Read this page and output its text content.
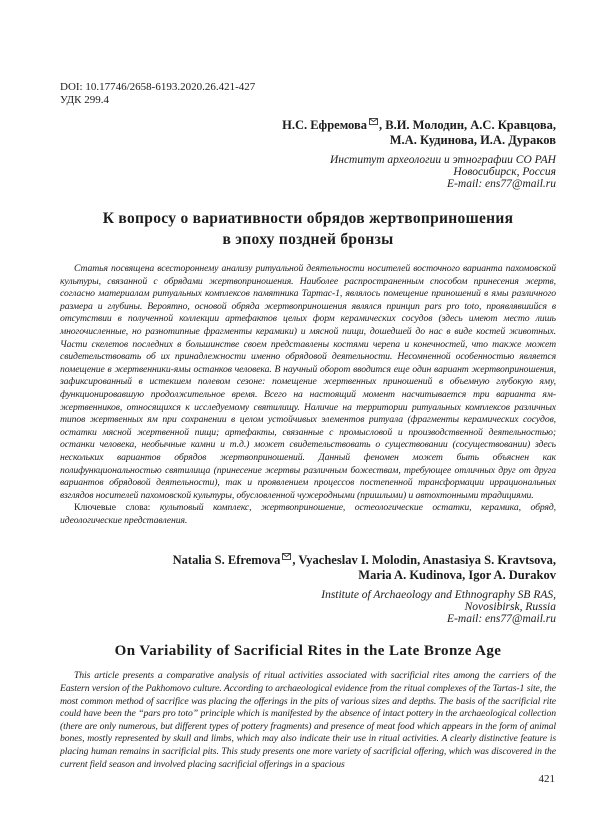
DOI: 10.17746/2658-6193.2020.26.421-427
УДК 299.4
Н.С. Ефремова , В.И. Молодин, А.С. Кравцова,
М.А. Кудинова, И.А. Дураков
Институт археологии и этнографии СО РАН
Новосибирск, Россия
E-mail: ens77@mail.ru
К вопросу о вариативности обрядов жертвоприношения
в эпоху поздней бронзы

Статья посвящена всестороннему анализу ритуальной деятельности носителей восточного варианта пахомовской культуры, связанной с обрядами жертвоприношения. Наиболее распространенным способом принесения жертв, согласно материалам ритуальных комплексов памятника Тартас-1, являлось помещение приношений в ямы различного размера и глубины. Вероятно, основой обряда жертвоприношения являлся принцип pars pro toto, проявлявшийся в отсутствии в полученной коллекции артефактов целых форм керамических сосудов (здесь имеют место лишь многочисленные, но разнотипные фрагменты керамики) и мясной пищи, дошедшей до нас в виде костей животных. Части скелетов последних в большинстве своем представлены костями черепа и конечностей, что также может свидетельствовать об их принадлежности именно обрядовой деятельности. Несомненной особенностью является помещение в жертвенники-ямы останков человека. В научный оборот вводится еще один вариант жертвоприношения, зафиксированный в истекшем полевом сезоне: помещение жертвенных приношений в объемную глубокую яму, функционировавшую продолжительное время. Всего на настоящий момент насчитывается три варианта ям-жертвенников, относящихся к исследуемому святилищу. Наличие на территории ритуальных комплексов различных типов жертвенных ям при сохранении в целом устойчивых элементов ритуала (фрагменты керамических сосудов, остатки мясной жертвенной пищи; артефакты, связанные с промысловой и производственной деятельностью; останки человека, необычные камни и т.д.) может свидетельствовать о существовании (сосуществовании) здесь нескольких вариантов обрядов жертвоприношений. Данный феномен может быть объяснен как полифункциональностью святилища (принесение жертвы различным божествам, требующее отличных друг от друга вариантов обрядовой деятельности), так и проявлением процессов постепенной трансформации иррациональных взглядов носителей пахомовской культуры, обусловленной чужеродными (пришлыми) и автохтонными традициями.

Ключевые слова: культовый комплекс, жертвоприношение, остеологические остатки, керамика, обряд, идеологические представления.

Natalia S. Efremova , Vyacheslav I. Molodin, Anastasiya S. Kravtsova,
Maria A. Kudinova, Igor A. Durakov
Institute of Archaeology and Ethnography SB RAS,
Novosibirsk, Russia
E-mail: ens77@mail.ru
On Variability of Sacrificial Rites in the Late Bronze Age

This article presents a comparative analysis of ritual activities associated with sacrificial rites among the carriers of the Eastern version of the Pakhomovo culture. According to archaeological evidence from the ritual complexes of the Tartas-1 site, the most common method of sacrifice was placing the offerings in the pits of various sizes and depths. The basis of the sacrificial rite could have been the “pars pro toto” principle which is manifested by the absence of intact pottery in the archaeological collection (there are only numerous, but different types of pottery fragments) and presence of meat food which appears in the form of animal bones, mostly represented by skull and limbs, which may also indicate their use in ritual activities. A clearly distinctive feature is placing human remains in sacrificial pits. This study presents one more variety of sacrificial offering, which was discovered in the current field season and involved placing sacrificial offerings in a spacious

421
